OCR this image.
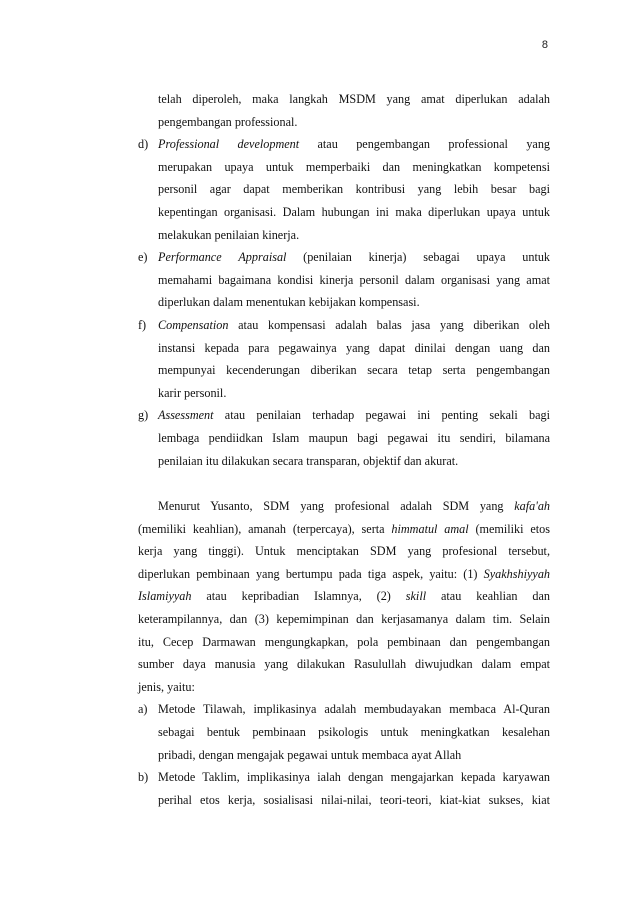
8
telah diperoleh, maka langkah MSDM yang amat diperlukan adalah
pengembangan professional.
d) Professional development atau pengembangan professional yang
merupakan upaya untuk memperbaiki dan meningkatkan kompetensi
personil agar dapat memberikan kontribusi yang lebih besar bagi
kepentingan organisasi. Dalam hubungan ini maka diperlukan upaya untuk
melakukan penilaian kinerja.
e) Performance Appraisal (penilaian kinerja) sebagai upaya untuk
memahami bagaimana kondisi kinerja personil dalam organisasi yang amat
diperlukan dalam menentukan kebijakan kompensasi.
f) Compensation atau kompensasi adalah balas jasa yang diberikan oleh
instansi kepada para pegawainya yang dapat dinilai dengan uang dan
mempunyai kecenderungan diberikan secara tetap serta pengembangan
karir personil.
g) Assessment atau penilaian terhadap pegawai ini penting sekali bagi
lembaga pendiidkan Islam maupun bagi pegawai itu sendiri, bilamana
penilaian itu dilakukan secara transparan, objektif dan akurat.
Menurut Yusanto, SDM yang profesional adalah SDM yang kafa'ah
(memiliki keahlian), amanah (terpercaya), serta himmatul amal (memiliki etos
kerja yang tinggi). Untuk menciptakan SDM yang profesional tersebut,
diperlukan pembinaan yang bertumpu pada tiga aspek, yaitu: (1) Syakhshiyyah
Islamiyyah atau kepribadian Islamnya, (2) skill atau keahlian dan
keterampilannya, dan (3) kepemimpinan dan kerjasamanya dalam tim. Selain
itu, Cecep Darmawan mengungkapkan, pola pembinaan dan pengembangan
sumber daya manusia yang dilakukan Rasulullah diwujudkan dalam empat
jenis, yaitu:
a) Metode Tilawah, implikasinya adalah membudayakan membaca Al-Quran
sebagai bentuk pembinaan psikologis untuk meningkatkan kesalehan
pribadi, dengan mengajak pegawai untuk membaca ayat Allah
b) Metode Taklim, implikasinya ialah dengan mengajarkan kepada karyawan
perihal etos kerja, sosialisasi nilai-nilai, teori-teori, kiat-kiat sukses, kiat
